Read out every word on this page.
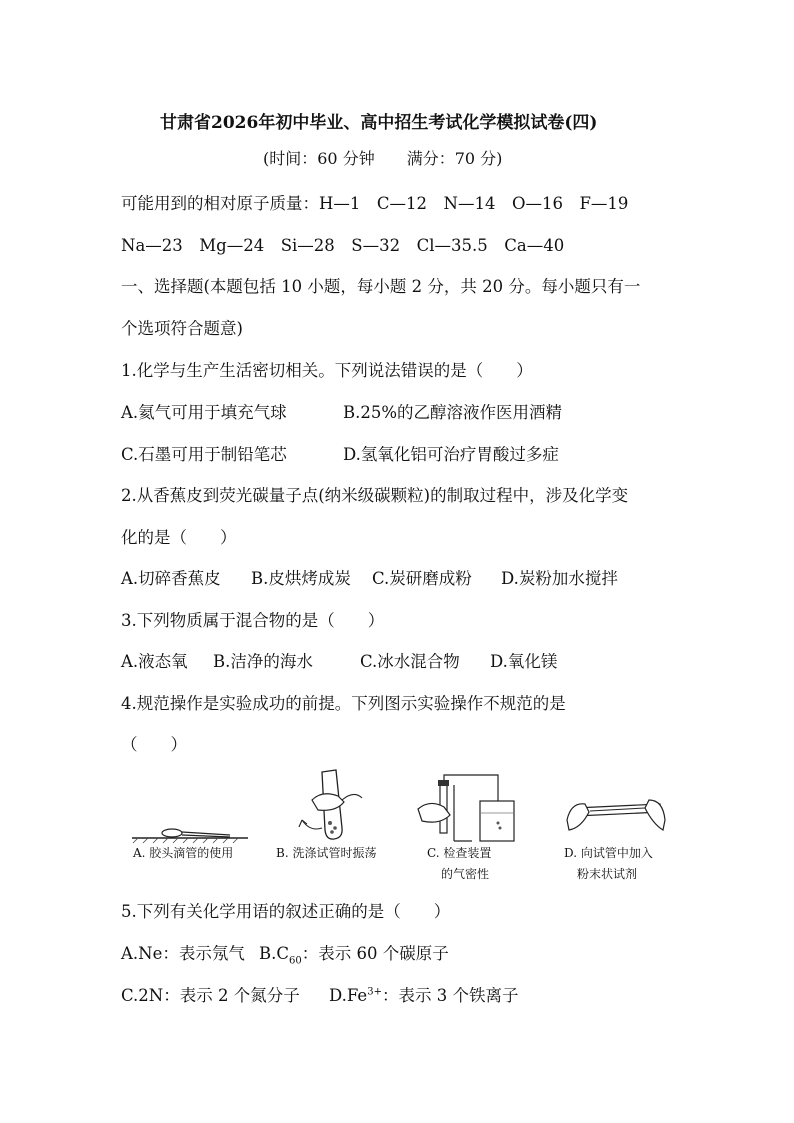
甘肃省2026年初中毕业、高中招生考试化学模拟试卷(四)
(时间：60 分钟　　满分：70 分)
可能用到的相对原子质量：H—1　C—12　N—14　O—16　F—19
Na—23　Mg—24　Si—28　S—32　Cl—35.5　Ca—40
一、选择题(本题包括 10 小题，每小题 2 分，共 20 分。每小题只有一
个选项符合题意)
1.化学与生产生活密切相关。下列说法错误的是（　　）
A.氦气可用于填充气球	B.25%的乙醇溶液作医用酒精
C.石墨可用于制铅笔芯	D.氢氧化铝可治疗胃酸过多症
2.从香蕉皮到荧光碳量子点(纳米级碳颗粒)的制取过程中，涉及化学变
化的是（　　）
A.切碎香蕉皮 B.皮烘烤成炭 C.炭研磨成粉 D.炭粉加水搅拌
3.下列物质属于混合物的是（　　）
A.液态氧 B.洁净的海水	C.冰水混合物 D.氧化镁
4.规范操作是实验成功的前提。下列图示实验操作不规范的是
（　　）
A. 胶头滴管的使用	B. 洗涤试管时振荡	C. 检查装置
的气密性
D. 向试管中加入
粉末状试剂
5.下列有关化学用语的叙述正确的是（　　）
A.Ne：表示氖气 $B.C_{60}$：表示 60 个碳原子
C.2N：表示 2 个氮分子 $D.Fe^{3+}$：表示 3 个铁离子
